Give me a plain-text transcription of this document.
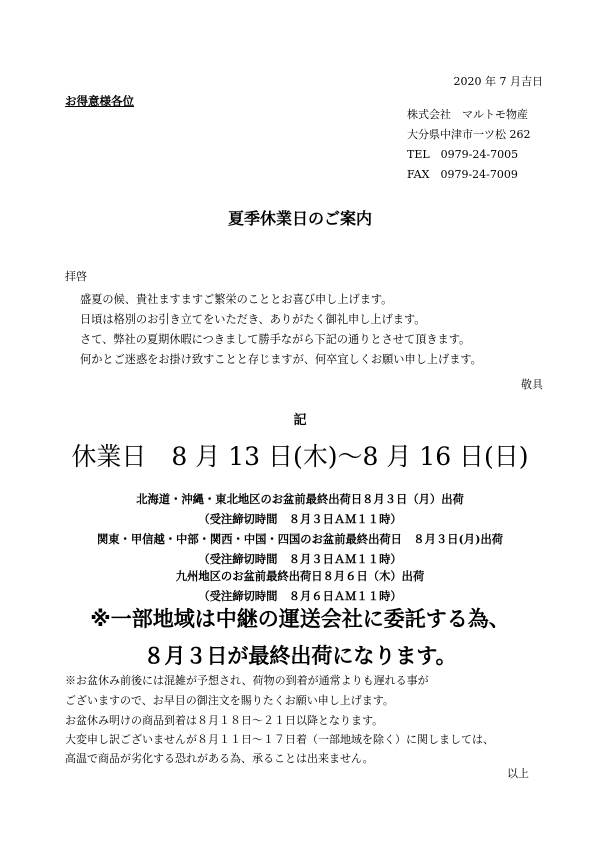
2020 年 7 月吉日
お得意様各位
株式会社　マルトモ物産
大分県中津市一ツ松 262
TEL　0979-24-7005
FAX　0979-24-7009
夏季休業日のご案内
拝啓
盛夏の候、貴社ますますご繁栄のこととお喜び申し上げます。
日頃は格別のお引き立てをいただき、ありがたく御礼申し上げます。
さて、弊社の夏期休暇につきまして勝手ながら下記の通りとさせて頂きます。
何かとご迷惑をお掛け致すことと存じますが、何卒宜しくお願い申し上げます。
敬具
記
休業日　8 月 13 日(木)～8 月 16 日(日)
北海道・沖縄・東北地区のお盆前最終出荷日８月３日（月）出荷
（受注締切時間　８月３日ＡＭ１１時）
関東・甲信越・中部・関西・中国・四国のお盆前最終出荷日　８月３日(月)出荷
（受注締切時間　８月３日ＡＭ１１時）
九州地区のお盆前最終出荷日８月６日（木）出荷
（受注締切時間　８月６日ＡＭ１１時）
※一部地域は中継の運送会社に委託する為、
８月３日が最終出荷になります。
※お盆休み前後には混雑が予想され、荷物の到着が通常よりも遅れる事が
ございますので、お早目の御注文を賜りたくお願い申し上げます。
お盆休み明けの商品到着は８月１８日～２１日以降となります。
大変申し訳ございませんが８月１１日～１７日着（一部地域を除く）に関しましては、
高温で商品が劣化する恐れがある為、承ることは出来ません。
以上
